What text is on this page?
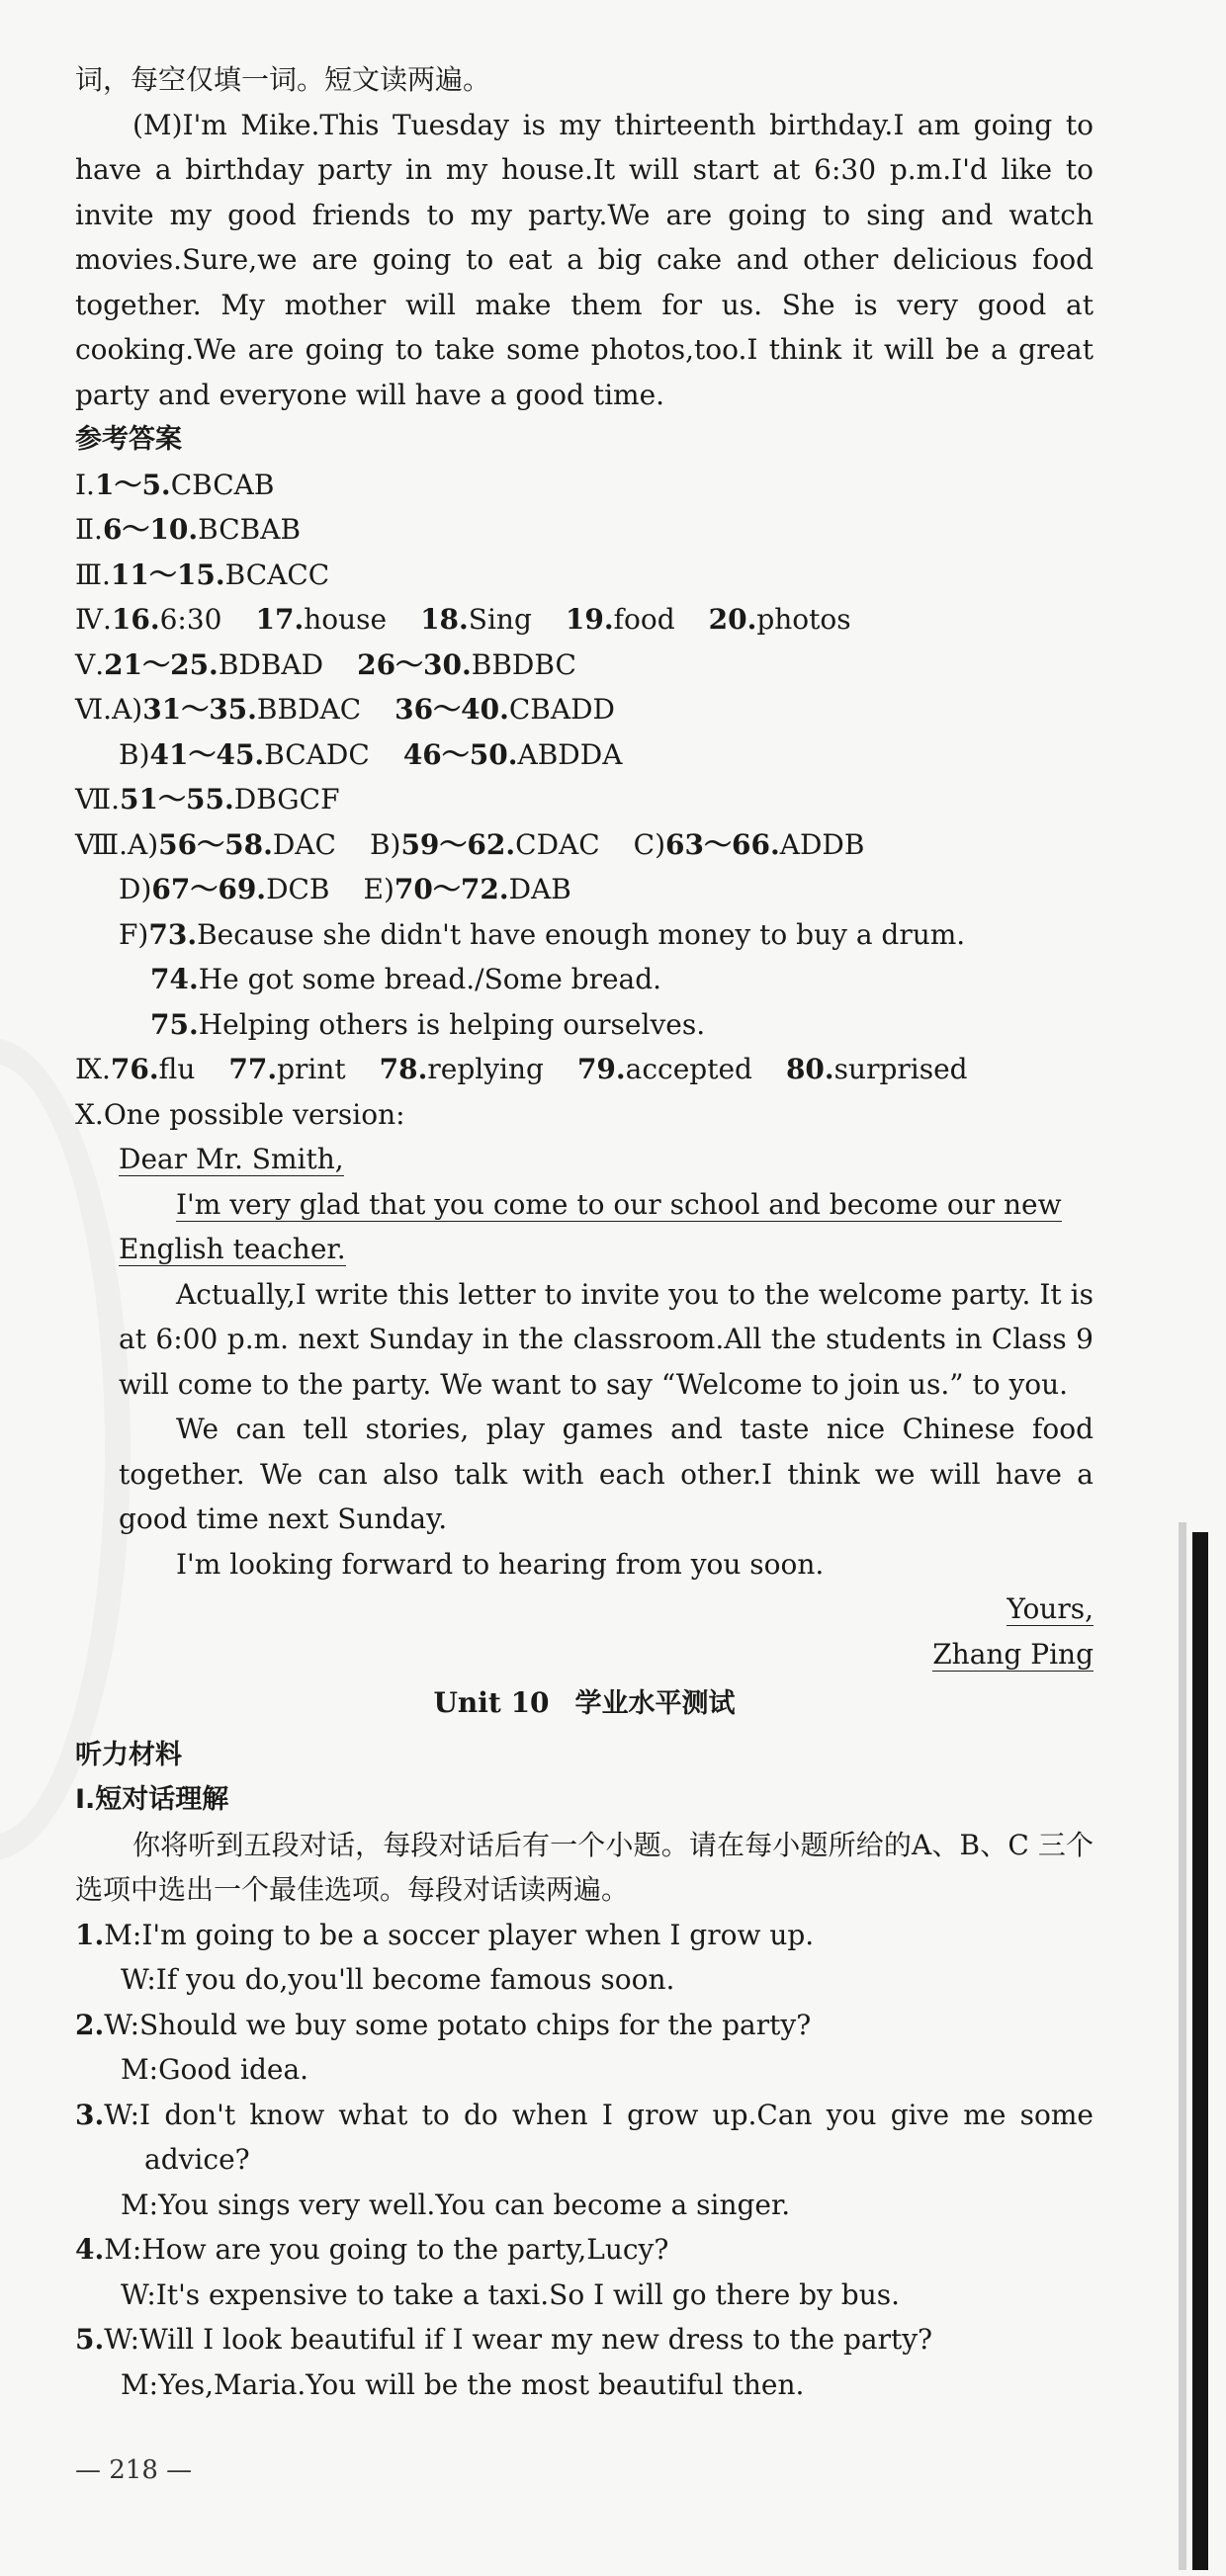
词，每空仅填一词。短文读两遍。

(M)I'm Mike.This Tuesday is my thirteenth birthday.I am going to have a birthday party in my house.It will start at 6:30 p.m.I'd like to invite my good friends to my party.We are going to sing and watch movies.Sure,we are going to eat a big cake and other delicious food together. My mother will make them for us. She is very good at cooking.We are going to take some photos,too.I think it will be a great party and everyone will have a good time.

参考答案

Ⅰ.1～5.CBCAB

Ⅱ.6～10.BCBAB

Ⅲ.11～15.BCACC

Ⅳ.16.6:30 17.house 18.Sing 19.food 20.photos

Ⅴ.21～25.BDBAD 26～30.BBDBC

Ⅵ.A)31～35.BBDAC 36～40.CBADD

B)41～45.BCADC 46～50.ABDDA

Ⅶ.51～55.DBGCF

Ⅷ.A)56～58.DAC B)59～62.CDAC C)63～66.ADDB

D)67～69.DCB E)70～72.DAB

F)73.Because she didn't have enough money to buy a drum.

74.He got some bread./Some bread.

75.Helping others is helping ourselves.

Ⅸ.76.flu 77.print 78.replying 79.accepted 80.surprised

Ⅹ.One possible version:

Dear Mr. Smith,

I'm very glad that you come to our school and become our new

English teacher.

Actually,I write this letter to invite you to the welcome party. It is at 6:00 p.m. next Sunday in the classroom.All the students in Class 9 will come to the party. We want to say “Welcome to join us.” to you.

We can tell stories, play games and taste nice Chinese food together. We can also talk with each other.I think we will have a good time next Sunday.

I'm looking forward to hearing from you soon.

Yours,

Zhang Ping

Unit 10 学业水平测试

听力材料

Ⅰ.短对话理解

你将听到五段对话，每段对话后有一个小题。请在每小题所给的A、B、C 三个选项中选出一个最佳选项。每段对话读两遍。

1.M:I'm going to be a soccer player when I grow up.

W:If you do,you'll become famous soon.

2.W:Should we buy some potato chips for the party?

M:Good idea.

3.W:I don't know what to do when I grow up.Can you give me some advice?

M:You sings very well.You can become a singer.

4.M:How are you going to the party,Lucy?

W:It's expensive to take a taxi.So I will go there by bus.

5.W:Will I look beautiful if I wear my new dress to the party?

M:Yes,Maria.You will be the most beautiful then.

— 218 —
